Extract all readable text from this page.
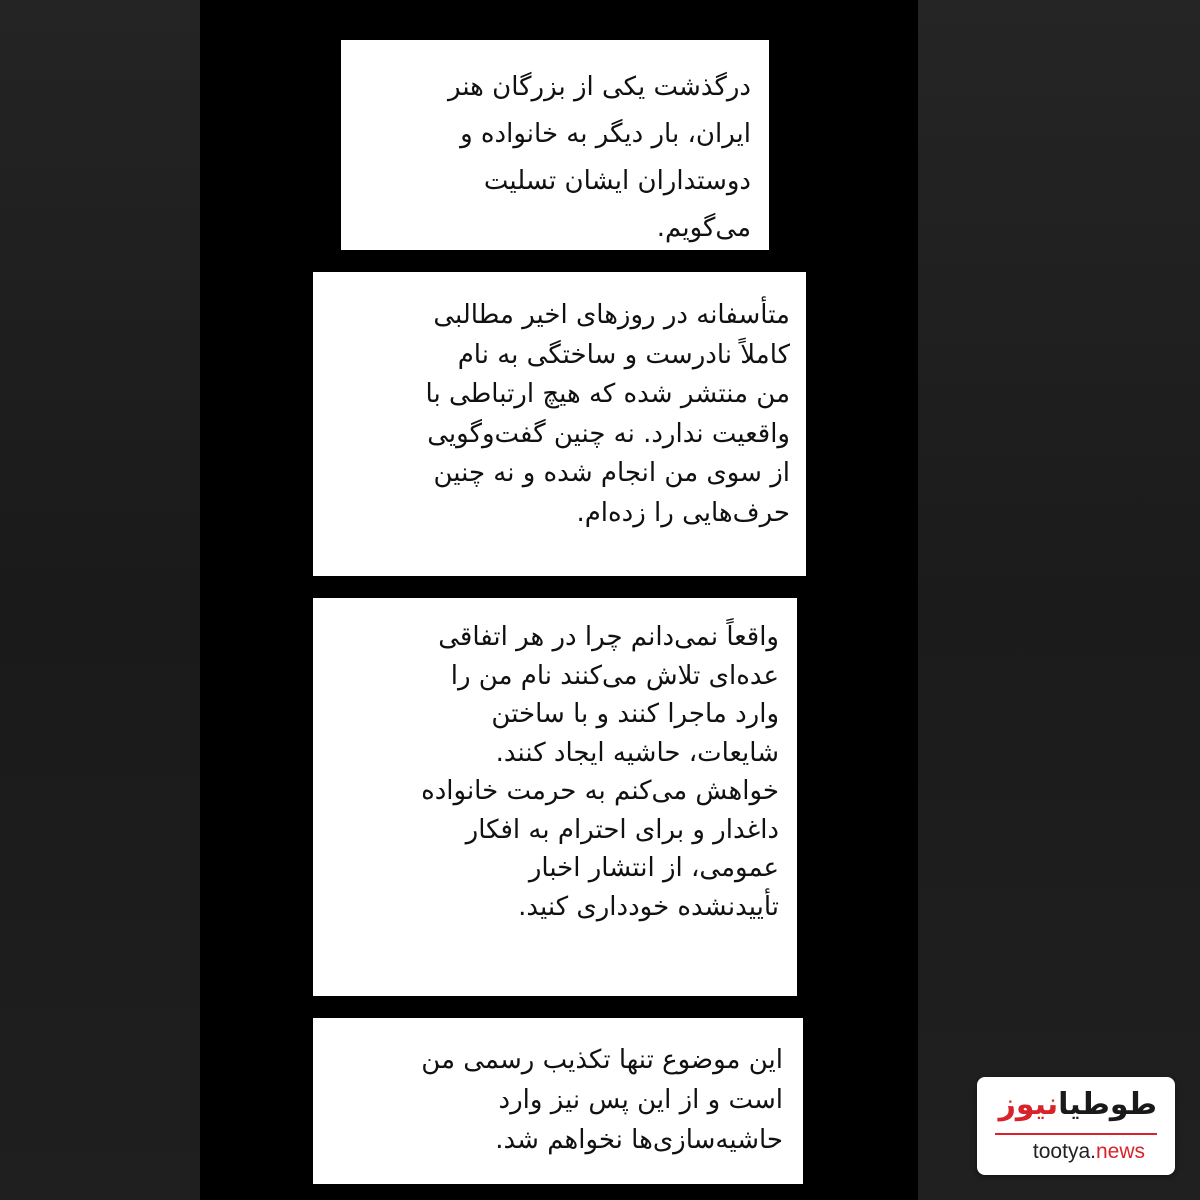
درگذشت یکی از بزرگان هنر
ایران، بار دیگر به خانواده و
دوستداران ایشان تسلیت
می‌گویم.
متأسفانه در روزهای اخیر مطالبی
کاملاً نادرست و ساختگی به نام
من منتشر شده که هیچ ارتباطی با
واقعیت ندارد. نه چنین گفت‌وگویی
از سوی من انجام شده و نه چنین
حرف‌هایی را زده‌ام.
واقعاً نمی‌دانم چرا در هر اتفاقی
عده‌ای تلاش می‌کنند نام من را
وارد ماجرا کنند و با ساختن
شایعات، حاشیه ایجاد کنند.
خواهش می‌کنم به حرمت خانواده
داغدار و برای احترام به افکار
عمومی، از انتشار اخبار
تأییدنشده خودداری کنید.
این موضوع تنها تکذیب رسمی من
است و از این پس نیز وارد
حاشیه‌سازی‌ها نخواهم شد.
طوطیانیوز
tootya.news
